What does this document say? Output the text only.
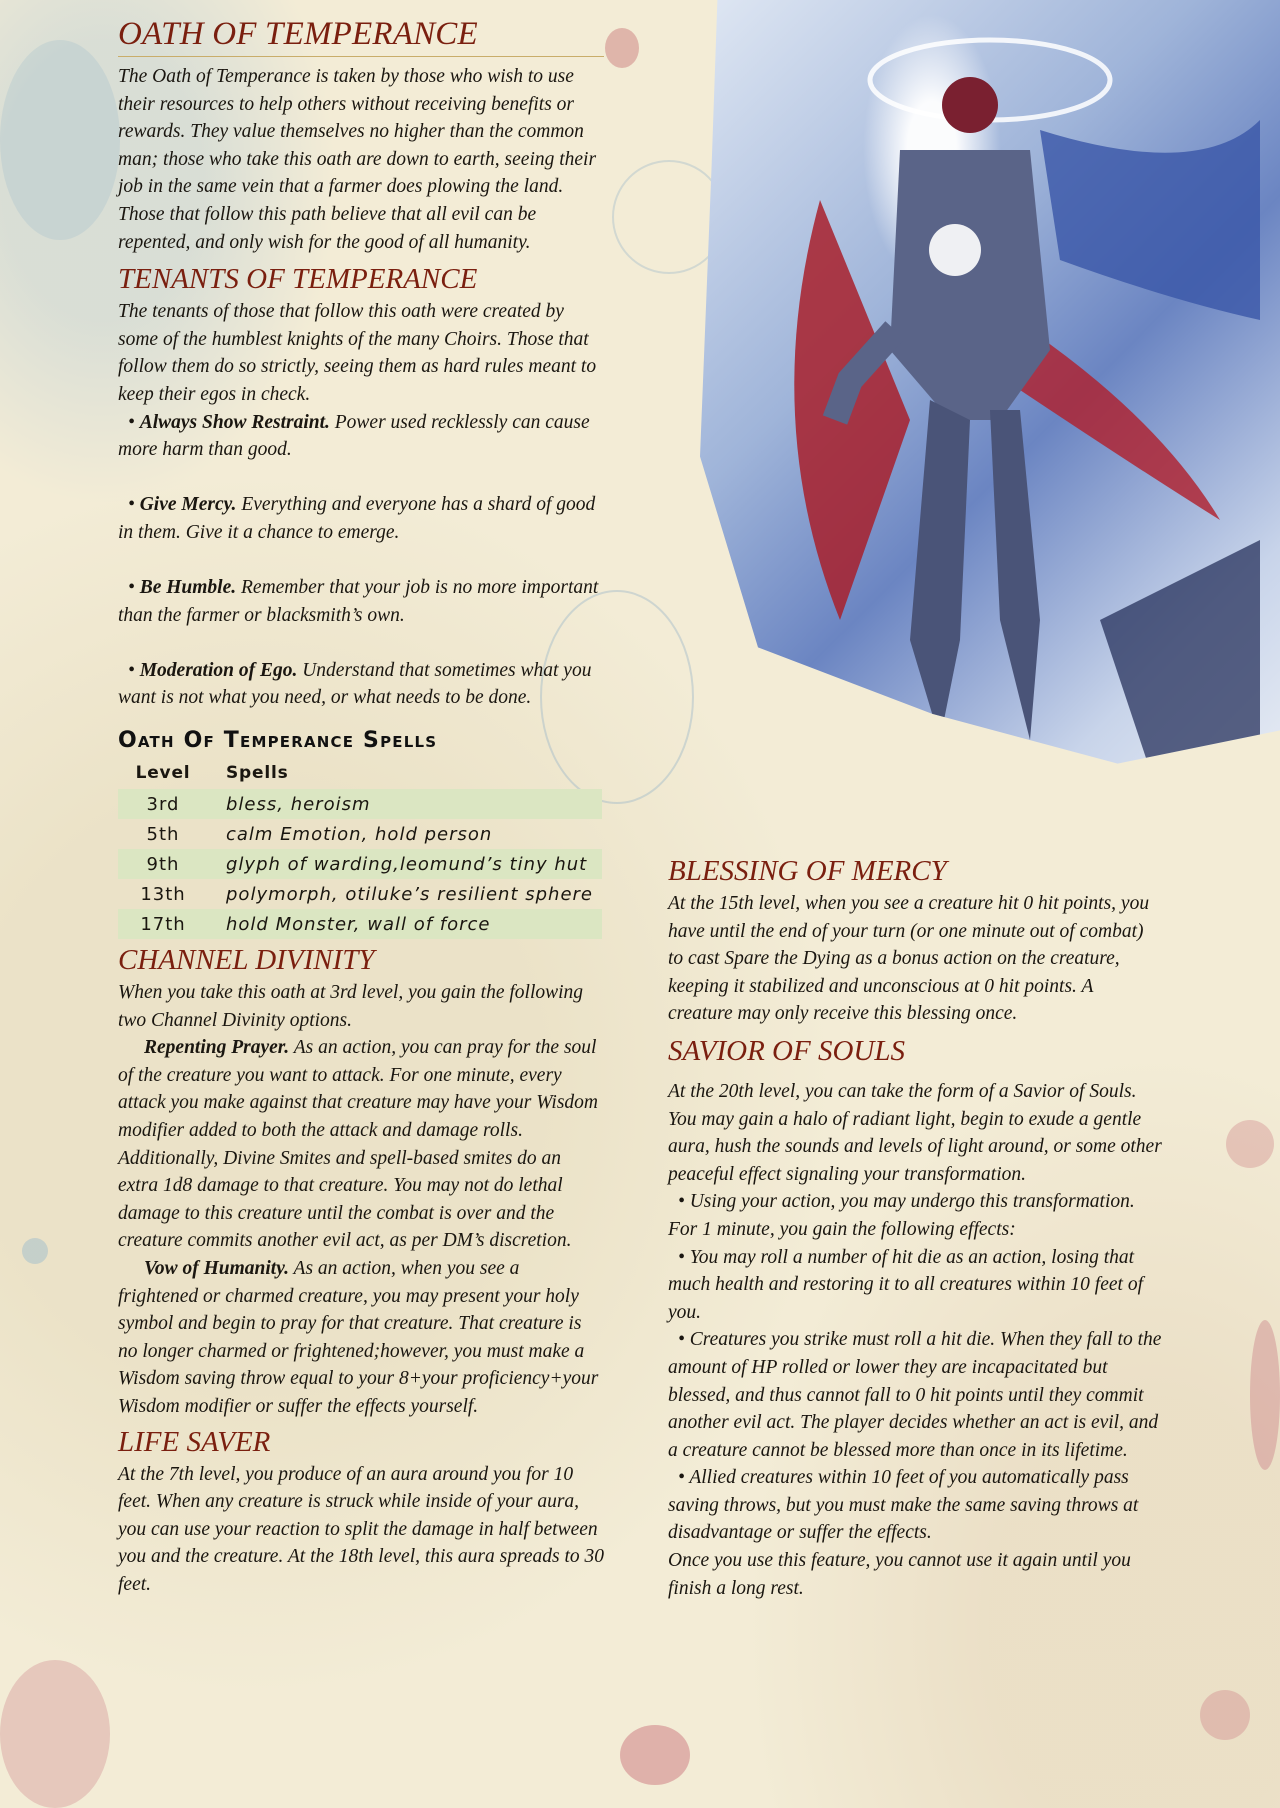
OATH OF TEMPERANCE

The Oath of Temperance is taken by those who wish to use their resources to help others without receiving benefits or rewards. They value themselves no higher than the common man; those who take this oath are down to earth, seeing their job in the same vein that a farmer does plowing the land. Those that follow this path believe that all evil can be repented, and only wish for the good of all humanity.

TENANTS OF TEMPERANCE

The tenants of those that follow this oath were created by some of the humblest knights of the many Choirs. Those that follow them do so strictly, seeing them as hard rules meant to keep their egos in check.

• Always Show Restraint. Power used recklessly can cause more harm than good.

• Give Mercy. Everything and everyone has a shard of good in them. Give it a chance to emerge.

• Be Humble. Remember that your job is no more important than the farmer or blacksmith’s own.

• Moderation of Ego. Understand that sometimes what you want is not what you need, or what needs to be done.

Oath Of Temperance Spells
Level	Spells
3rd	bless, heroism
5th	calm Emotion, hold person
9th	glyph of warding,leomund’s tiny hut
13th	polymorph, otiluke’s resilient sphere
17th	hold Monster, wall of force
CHANNEL DIVINITY

When you take this oath at 3rd level, you gain the following two Channel Divinity options.

Repenting Prayer. As an action, you can pray for the soul of the creature you want to attack. For one minute, every attack you make against that creature may have your Wisdom modifier added to both the attack and damage rolls. Additionally, Divine Smites and spell-based smites do an extra 1d8 damage to that creature. You may not do lethal damage to this creature until the combat is over and the creature commits another evil act, as per DM’s discretion.

Vow of Humanity. As an action, when you see a frightened or charmed creature, you may present your holy symbol and begin to pray for that creature. That creature is no longer charmed or frightened;however, you must make a Wisdom saving throw equal to your 8+your proficiency+your Wisdom modifier or suffer the effects yourself.

LIFE SAVER

At the 7th level, you produce of an aura around you for 10 feet. When any creature is struck while inside of your aura, you can use your reaction to split the damage in half between you and the creature. At the 18th level, this aura spreads to 30 feet.

BLESSING OF MERCY

At the 15th level, when you see a creature hit 0 hit points, you have until the end of your turn (or one minute out of combat) to cast Spare the Dying as a bonus action on the creature, keeping it stabilized and unconscious at 0 hit points. A creature may only receive this blessing once.

SAVIOR OF SOULS

At the 20th level, you can take the form of a Savior of Souls. You may gain a halo of radiant light, begin to exude a gentle aura, hush the sounds and levels of light around, or some other peaceful effect signaling your transformation.

• Using your action, you may undergo this transformation. For 1 minute, you gain the following effects:

• You may roll a number of hit die as an action, losing that much health and restoring it to all creatures within 10 feet of you.

• Creatures you strike must roll a hit die. When they fall to the amount of HP rolled or lower they are incapacitated but blessed, and thus cannot fall to 0 hit points until they commit another evil act. The player decides whether an act is evil, and a creature cannot be blessed more than once in its lifetime.

• Allied creatures within 10 feet of you automatically pass saving throws, but you must make the same saving throws at disadvantage or suffer the effects.

Once you use this feature, you cannot use it again until you finish a long rest.
